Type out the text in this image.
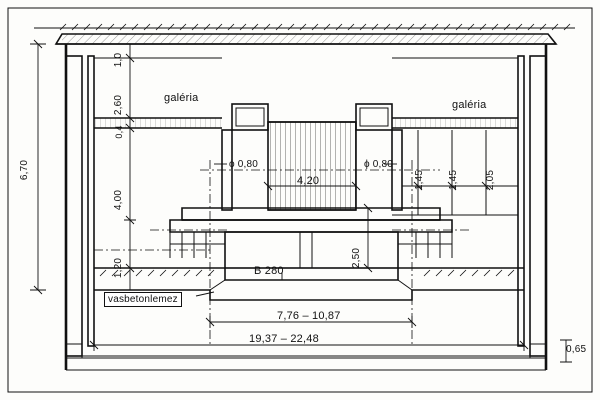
galéria
galéria
B 280
vasbetonlemez
6,70
1,0
2,60
0,4
4,00
1,20	2,50
ϕ 0,80	ϕ 0,80
4,20	1,45 1,45	2,05
7,76 – 10,87
19,37 – 22,48
0,65
